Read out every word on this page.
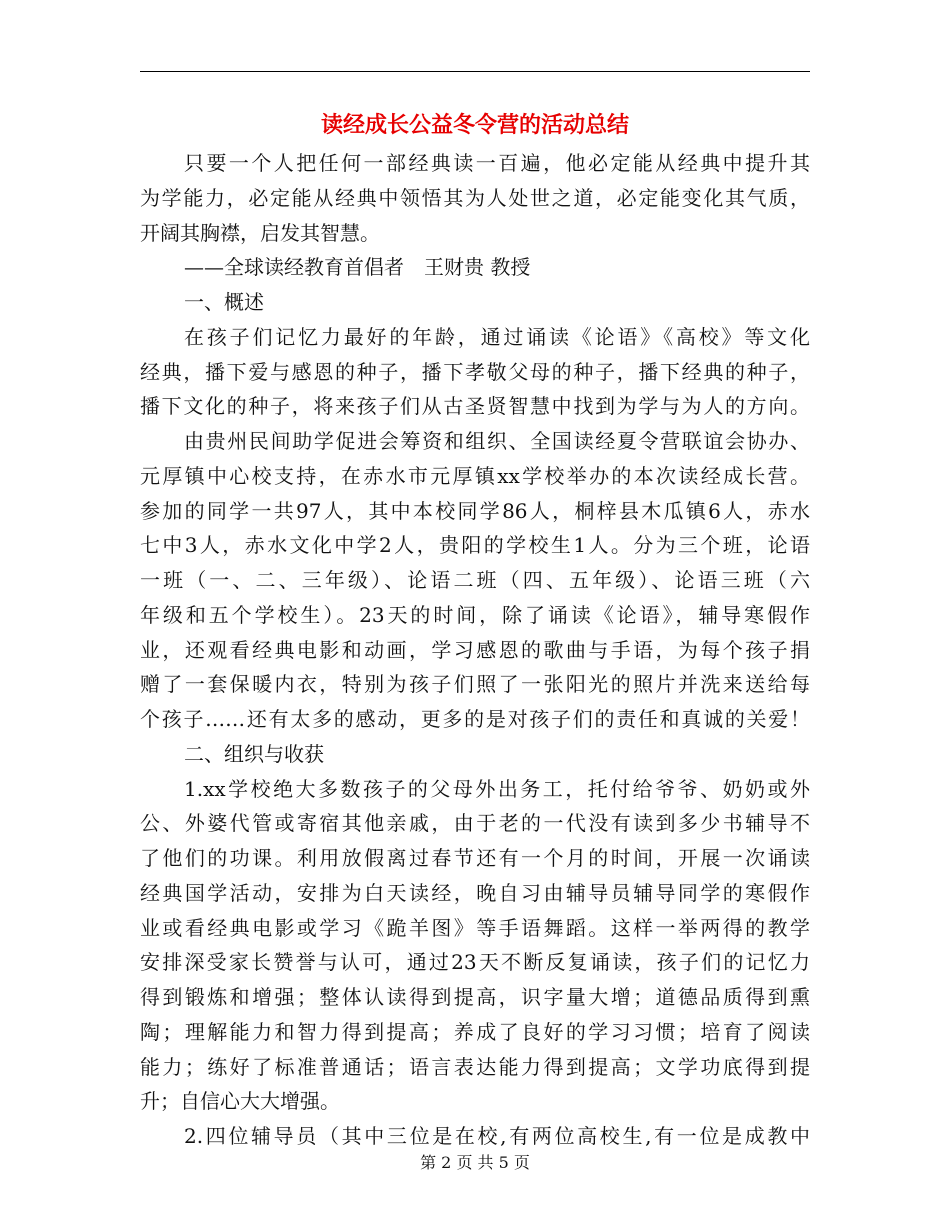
读经成长公益冬令营的活动总结
只要一个人把任何一部经典读一百遍，他必定能从经典中提升其
为学能力，必定能从经典中领悟其为人处世之道，必定能变化其气质，
开阔其胸襟，启发其智慧。
——全球读经教育首倡者　王财贵 教授
一、概述
在孩子们记忆力最好的年龄，通过诵读《论语》《高校》等文化
经典，播下爱与感恩的种子，播下孝敬父母的种子，播下经典的种子，
播下文化的种子，将来孩子们从古圣贤智慧中找到为学与为人的方向。
由贵州民间助学促进会筹资和组织、全国读经夏令营联谊会协办、
元厚镇中心校支持，在赤水市元厚镇xx学校举办的本次读经成长营。
参加的同学一共97人，其中本校同学86人，桐梓县木瓜镇6人，赤水
七中3人，赤水文化中学2人，贵阳的学校生1人。分为三个班，论语
一班（一、二、三年级）、论语二班（四、五年级）、论语三班（六
年级和五个学校生）。23天的时间，除了诵读《论语》，辅导寒假作
业，还观看经典电影和动画，学习感恩的歌曲与手语，为每个孩子捐
赠了一套保暖内衣，特别为孩子们照了一张阳光的照片并洗来送给每
个孩子……还有太多的感动，更多的是对孩子们的责任和真诚的关爱！
二、组织与收获
1.xx学校绝大多数孩子的父母外出务工，托付给爷爷、奶奶或外
公、外婆代管或寄宿其他亲戚，由于老的一代没有读到多少书辅导不
了他们的功课。利用放假离过春节还有一个月的时间，开展一次诵读
经典国学活动，安排为白天读经，晚自习由辅导员辅导同学的寒假作
业或看经典电影或学习《跪羊图》等手语舞蹈。这样一举两得的教学
安排深受家长赞誉与认可，通过23天不断反复诵读，孩子们的记忆力
得到锻炼和增强；整体认读得到提高，识字量大增；道德品质得到熏
陶；理解能力和智力得到提高；养成了良好的学习习惯；培育了阅读
能力；练好了标准普通话；语言表达能力得到提高；文学功底得到提
升；自信心大大增强。
2.四位辅导员（其中三位是在校,有两位高校生,有一位是成教中
第 2 页 共 5 页
